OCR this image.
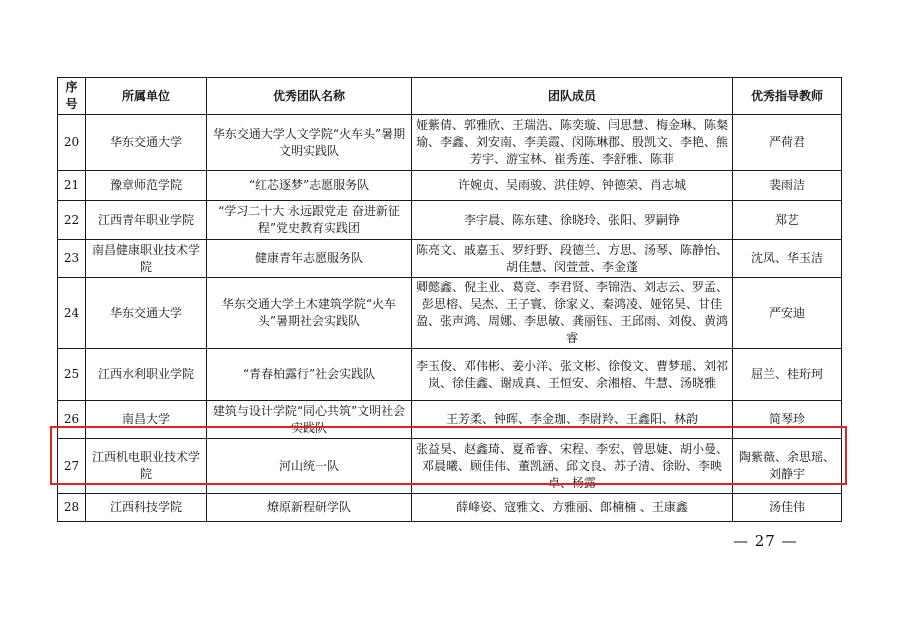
序号	所属单位	优秀团队名称	团队成员	优秀指导教师
20	华东交通大学	华东交通大学人文学院“火车头”暑期文明实践队	娅紫倩、郭雅欣、王瑞浩、陈奕璇、闫思慧、梅金琳、陈粲瑜、李鑫、刘安南、李美霞、闵陈琳郡、殷凯文、李艳、熊芳宇、游宝林、崔秀莲、李舒雅、陈菲	严荷君
21	豫章师范学院	“红芯逐梦”志愿服务队	许婉贞、吴雨骏、洪佳婷、钟德荣、肖志城	裴雨洁
22	江西青年职业学院	“学习二十大 永远跟党走 奋进新征程”党史教育实践团	李宇晨、陈东建、徐晓玲、张阳、罗嗣铮	郑艺
23	南昌健康职业技术学院	健康青年志愿服务队	陈亮文、戚嘉玉、罗纡野、段德兰、方思、汤琴、陈静怡、胡佳慧、闵萱萱、李金蓬	沈凤、华玉洁
24	华东交通大学	华东交通大学土木建筑学院“火车头”暑期社会实践队	卿懿鑫、倪主业、葛竞、李君贤、李锦浩、刘志云、罗孟、彭思榕、吴杰、王子寰、徐家义、秦鸿凌、娅铭昊、甘佳盈、张声鸿、周娜、李思敏、龚丽钰、王邱雨、刘俊、黄鸿睿	严安迪
25	江西水利职业学院	“青春柏露行”社会实践队	李玉俊、邓伟彬、姜小洋、张文彬、徐俊文、曹梦瑶、刘祁岚、徐佳鑫、谢成真、王恒安、余湘榕、牛慧、汤晓雅	屈兰、桂珩珂
26	南昌大学	建筑与设计学院“同心共筑”文明社会实践队	王芳柔、钟晖、李金珈、李尉羚、王鑫阳、林韵	简琴珍
27	江西机电职业技术学院	河山统一队	张益昊、赵鑫琦、夏希睿、宋程、李宏、曾思婕、胡小曼、邓晨曦、顾佳伟、董凯涵、邱文良、苏子清、徐盼、李映卓、杨露	陶紫薇、余思瑶、刘静宇
28	江西科技学院	燎原新程研学队	薛峰姿、寇雅文、方雅丽、郎楠楠 、王康鑫	汤佳伟
— 27 —
